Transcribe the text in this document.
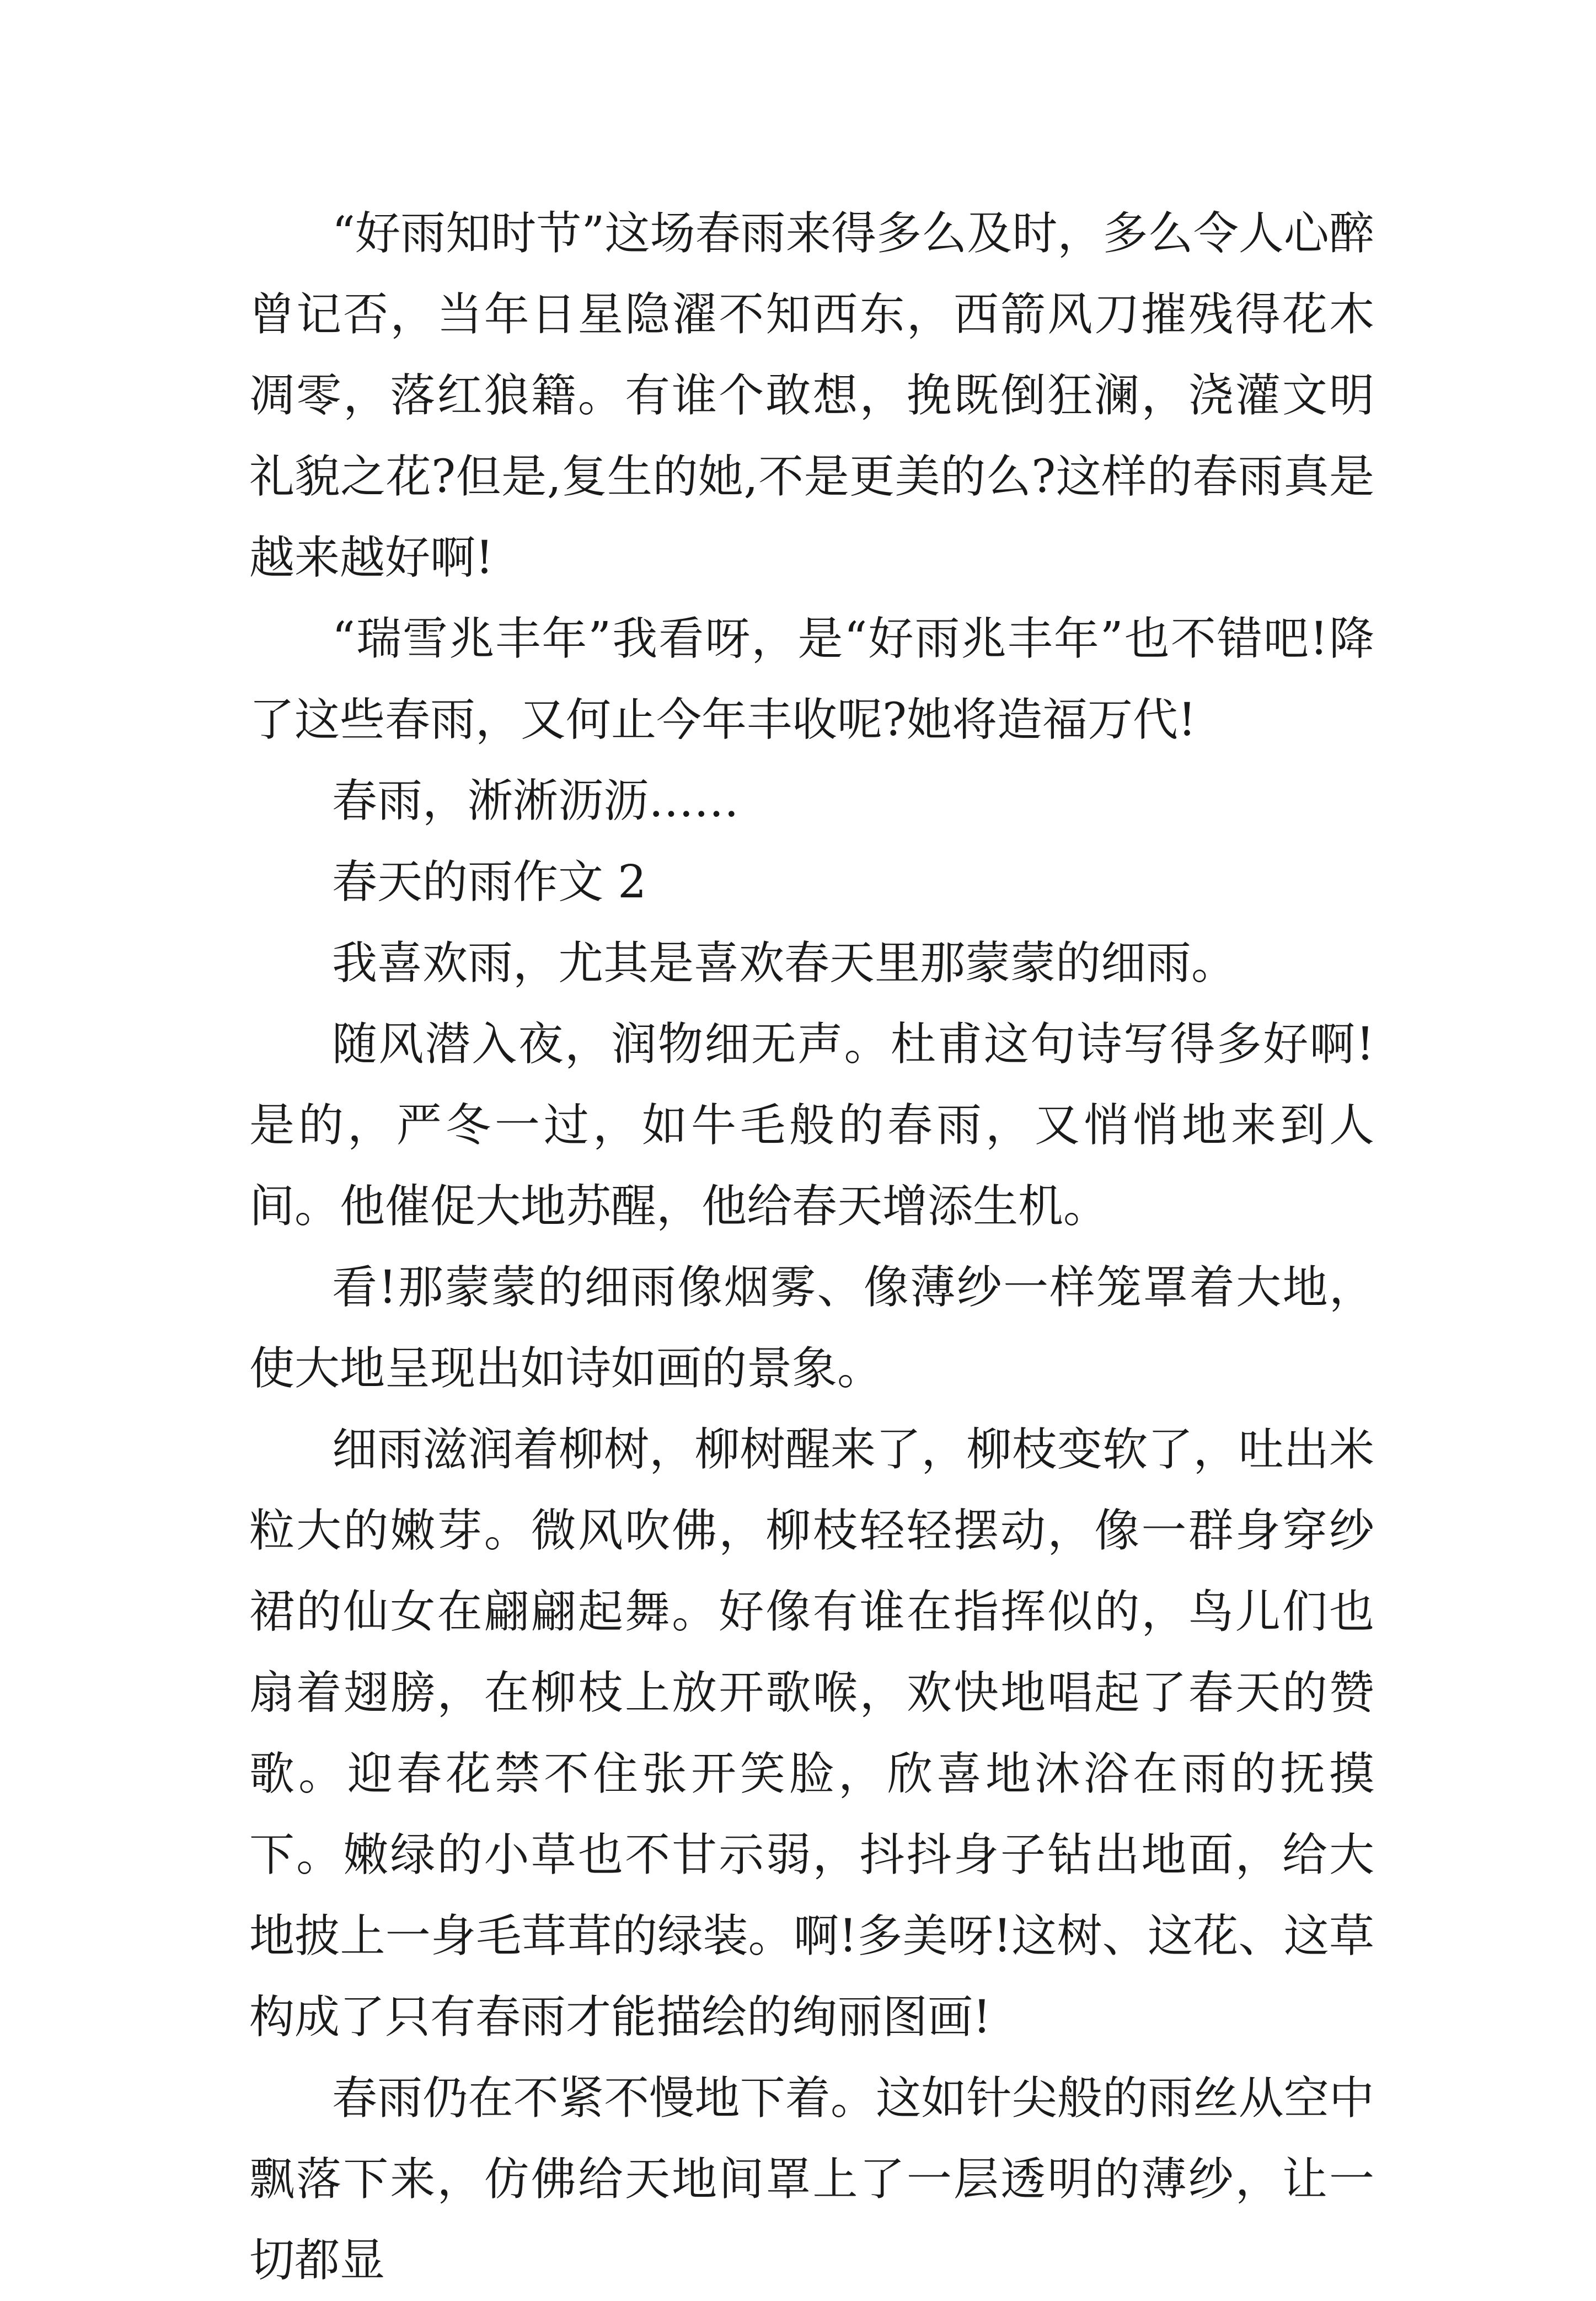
“好雨知时节”这场春雨来得多么及时，多么令人心醉曾记否，当年日星隐濯不知西东，西箭风刀摧残得花木凋零，落红狼籍。有谁个敢想，挽既倒狂澜，浇灌文明礼貌之花?但是,复生的她,不是更美的么?这样的春雨真是越来越好啊!

“瑞雪兆丰年”我看呀，是“好雨兆丰年”也不错吧!降了这些春雨，又何止今年丰收呢?她将造福万代!

春雨，淅淅沥沥……

春天的雨作文 2

我喜欢雨，尤其是喜欢春天里那蒙蒙的细雨。

随风潜入夜，润物细无声。杜甫这句诗写得多好啊!是的，严冬一过，如牛毛般的春雨，又悄悄地来到人间。他催促大地苏醒，他给春天增添生机。

看!那蒙蒙的细雨像烟雾、像薄纱一样笼罩着大地，使大地呈现出如诗如画的景象。

细雨滋润着柳树，柳树醒来了，柳枝变软了，吐出米粒大的嫩芽。微风吹佛，柳枝轻轻摆动，像一群身穿纱裙的仙女在翩翩起舞。好像有谁在指挥似的，鸟儿们也扇着翅膀，在柳枝上放开歌喉，欢快地唱起了春天的赞歌。迎春花禁不住张开笑脸，欣喜地沐浴在雨的抚摸下。嫩绿的小草也不甘示弱，抖抖身子钻出地面，给大地披上一身毛茸茸的绿装。啊!多美呀!这树、这花、这草构成了只有春雨才能描绘的绚丽图画!

春雨仍在不紧不慢地下着。这如针尖般的雨丝从空中飘落下来，仿佛给天地间罩上了一层透明的薄纱，让一切都显
